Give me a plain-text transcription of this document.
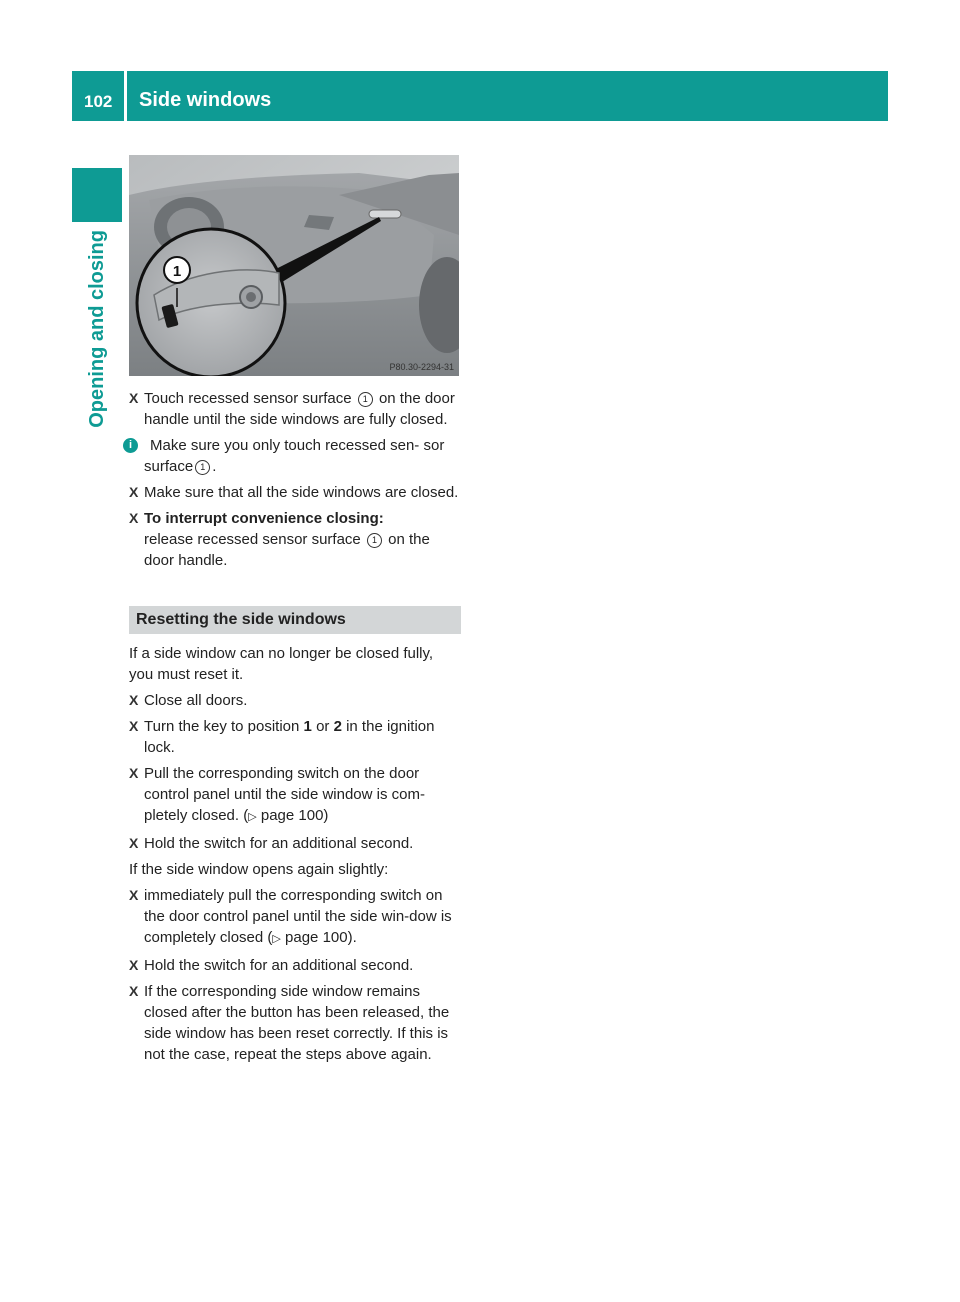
102 Side windows
Opening and closing	1
P80.30-2294-31
X Touch recessed sensor surface 1 on the door handle until the side windows are fully closed.
i	Make sure you only touch recessed sen- sor surface 1 .
X Make sure that all the side windows are closed.
X To interrupt convenience closing:
release recessed sensor surface 1 on the door handle.
Resetting the side windows
If a side window can no longer be closed fully, you must reset it.
X Close all doors.
X Turn the key to position 1 or 2 in the ignition lock.
X Pull the corresponding switch on the door control panel until the side window is com-pletely closed. (▷ page 100)
X Hold the switch for an additional second.
If the side window opens again slightly:
X immediately pull the corresponding switch on the door control panel until the side win-dow is completely closed (▷ page 100).
X Hold the switch for an additional second.
X If the corresponding side window remains closed after the button has been released, the side window has been reset correctly. If this is not the case, repeat the steps above again.
